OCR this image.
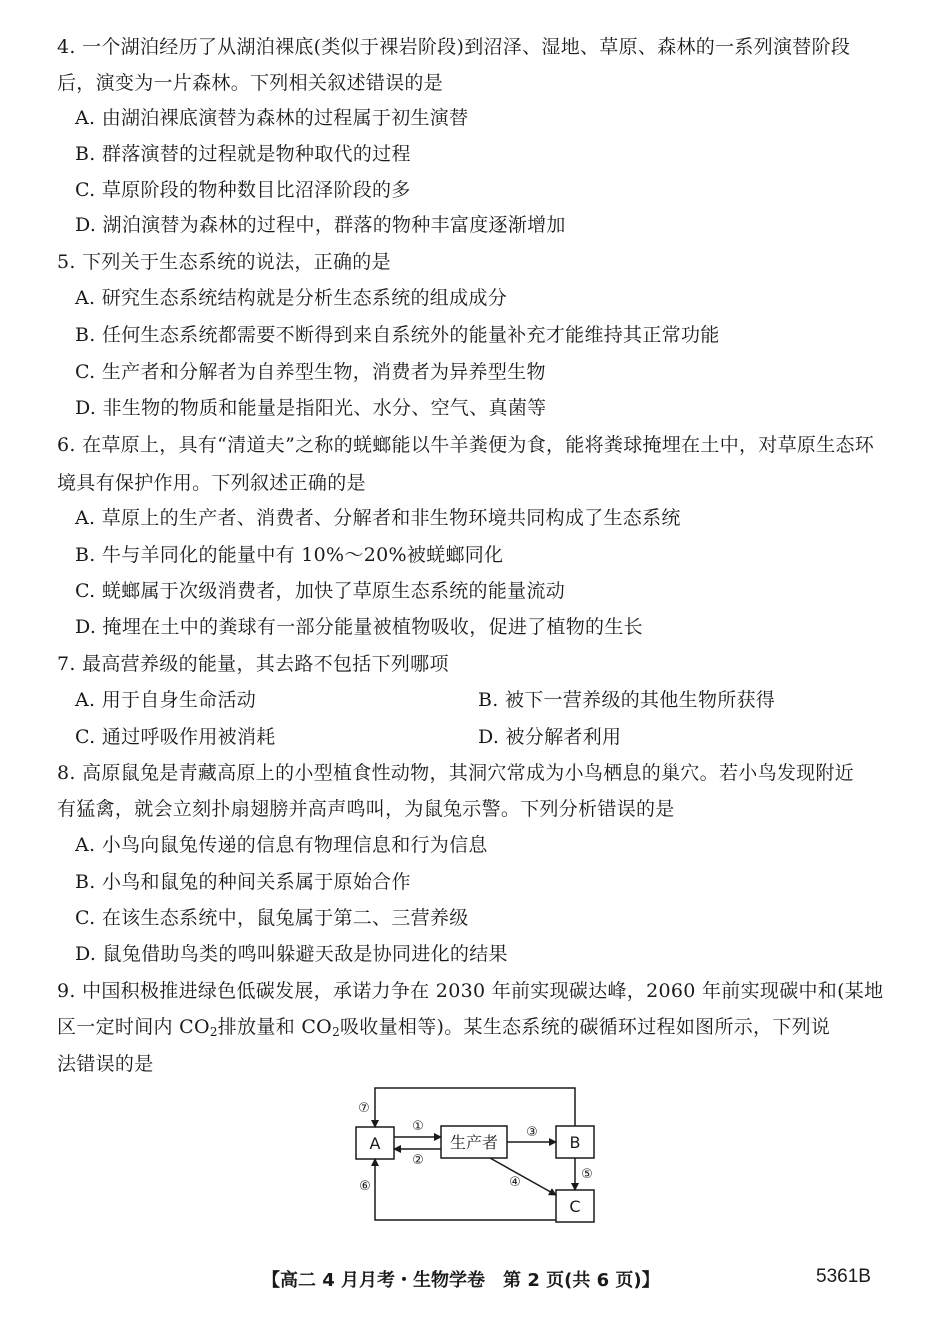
4. 一个湖泊经历了从湖泊裸底(类似于裸岩阶段)到沼泽、湿地、草原、森林的一系列演替阶段
后，演变为一片森林。下列相关叙述错误的是
A. 由湖泊裸底演替为森林的过程属于初生演替
B. 群落演替的过程就是物种取代的过程
C. 草原阶段的物种数目比沼泽阶段的多
D. 湖泊演替为森林的过程中，群落的物种丰富度逐渐增加
5. 下列关于生态系统的说法，正确的是
A. 研究生态系统结构就是分析生态系统的组成成分
B. 任何生态系统都需要不断得到来自系统外的能量补充才能维持其正常功能
C. 生产者和分解者为自养型生物，消费者为异养型生物
D. 非生物的物质和能量是指阳光、水分、空气、真菌等
6. 在草原上，具有“清道夫”之称的蜣螂能以牛羊粪便为食，能将粪球掩埋在土中，对草原生态环
境具有保护作用。下列叙述正确的是
A. 草原上的生产者、消费者、分解者和非生物环境共同构成了生态系统
B. 牛与羊同化的能量中有 10%～20%被蜣螂同化
C. 蜣螂属于次级消费者，加快了草原生态系统的能量流动
D. 掩埋在土中的粪球有一部分能量被植物吸收，促进了植物的生长
7. 最高营养级的能量，其去路不包括下列哪项
A. 用于自身生命活动	B. 被下一营养级的其他生物所获得
C. 通过呼吸作用被消耗	D. 被分解者利用
8. 高原鼠兔是青藏高原上的小型植食性动物，其洞穴常成为小鸟栖息的巢穴。若小鸟发现附近
有猛禽，就会立刻扑扇翅膀并高声鸣叫，为鼠兔示警。下列分析错误的是
A. 小鸟向鼠兔传递的信息有物理信息和行为信息
B. 小鸟和鼠兔的种间关系属于原始合作
C. 在该生态系统中，鼠兔属于第二、三营养级
D. 鼠兔借助鸟类的鸣叫躲避天敌是协同进化的结果
9. 中国积极推进绿色低碳发展，承诺力争在 2030 年前实现碳达峰，2060 年前实现碳中和(某地
区一定时间内 $CO_2$排放量和 $CO_2$吸收量相等)。某生态系统的碳循环过程如图所示，下列说
法错误的是
A	生产者	B
C
①
②
③
④
⑤
⑥
⑦
【高二 4 月月考・生物学卷　第 2 页(共 6 页)】	5361B
